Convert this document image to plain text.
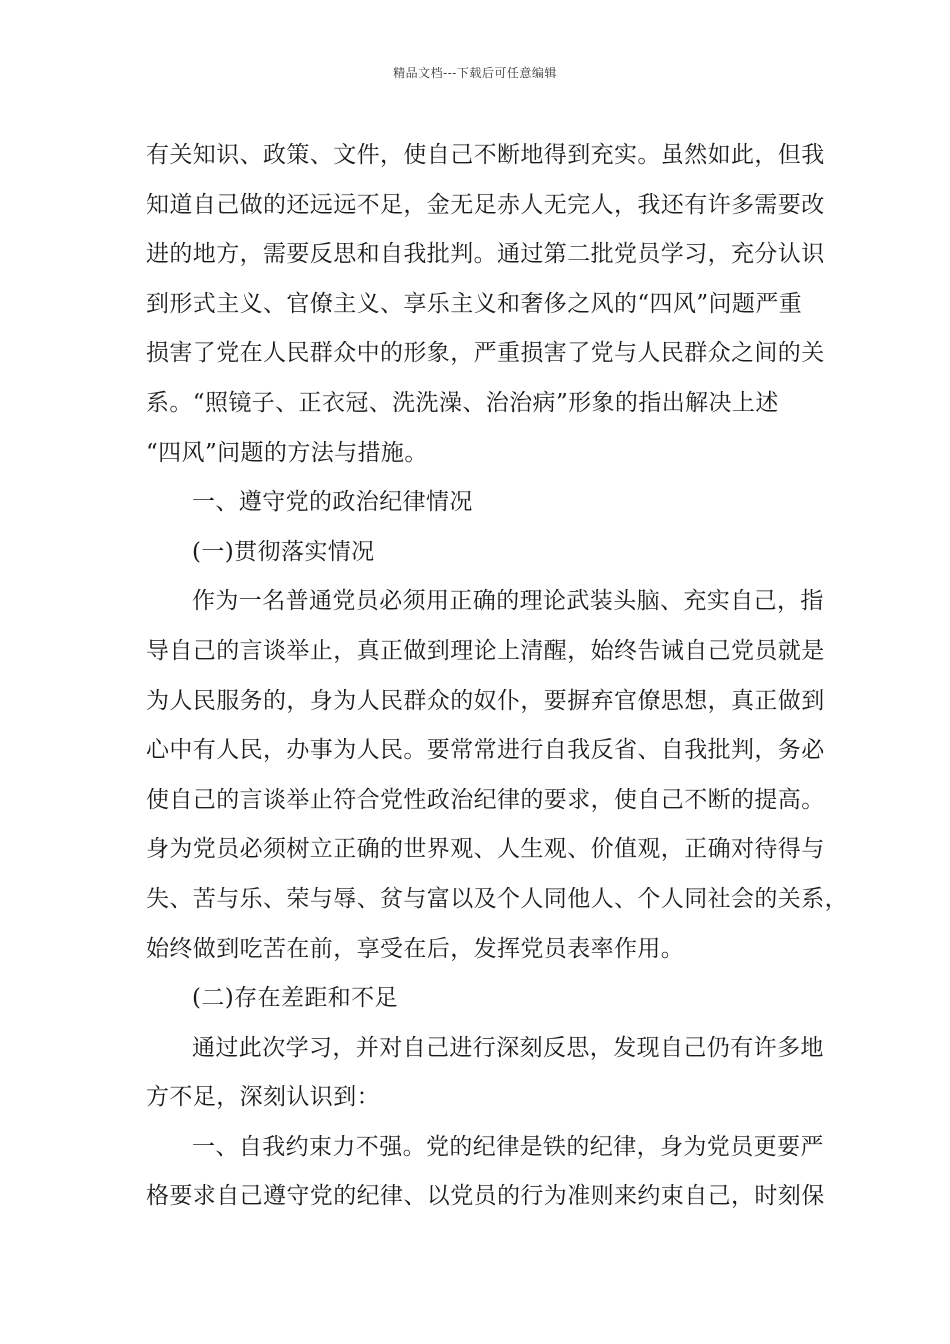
精品文档---下载后可任意编辑
有关知识、政策、文件，使自己不断地得到充实。虽然如此，但我
知道自己做的还远远不足，金无足赤人无完人，我还有许多需要改
进的地方，需要反思和自我批判。通过第二批党员学习，充分认识
到形式主义、官僚主义、享乐主义和奢侈之风的“四风”问题严重
损害了党在人民群众中的形象，严重损害了党与人民群众之间的关
系。“照镜子、正衣冠、洗洗澡、治治病”形象的指出解决上述
“四风”问题的方法与措施。
一、遵守党的政治纪律情况
(一)贯彻落实情况
作为一名普通党员必须用正确的理论武装头脑、充实自己，指
导自己的言谈举止，真正做到理论上清醒，始终告诫自己党员就是
为人民服务的，身为人民群众的奴仆，要摒弃官僚思想，真正做到
心中有人民，办事为人民。要常常进行自我反省、自我批判，务必
使自己的言谈举止符合党性政治纪律的要求，使自己不断的提高。
身为党员必须树立正确的世界观、人生观、价值观，正确对待得与
失、苦与乐、荣与辱、贫与富以及个人同他人、个人同社会的关系，
始终做到吃苦在前，享受在后，发挥党员表率作用。
(二)存在差距和不足
通过此次学习，并对自己进行深刻反思，发现自己仍有许多地
方不足，深刻认识到：
一、自我约束力不强。党的纪律是铁的纪律，身为党员更要严
格要求自己遵守党的纪律、以党员的行为准则来约束自己，时刻保
